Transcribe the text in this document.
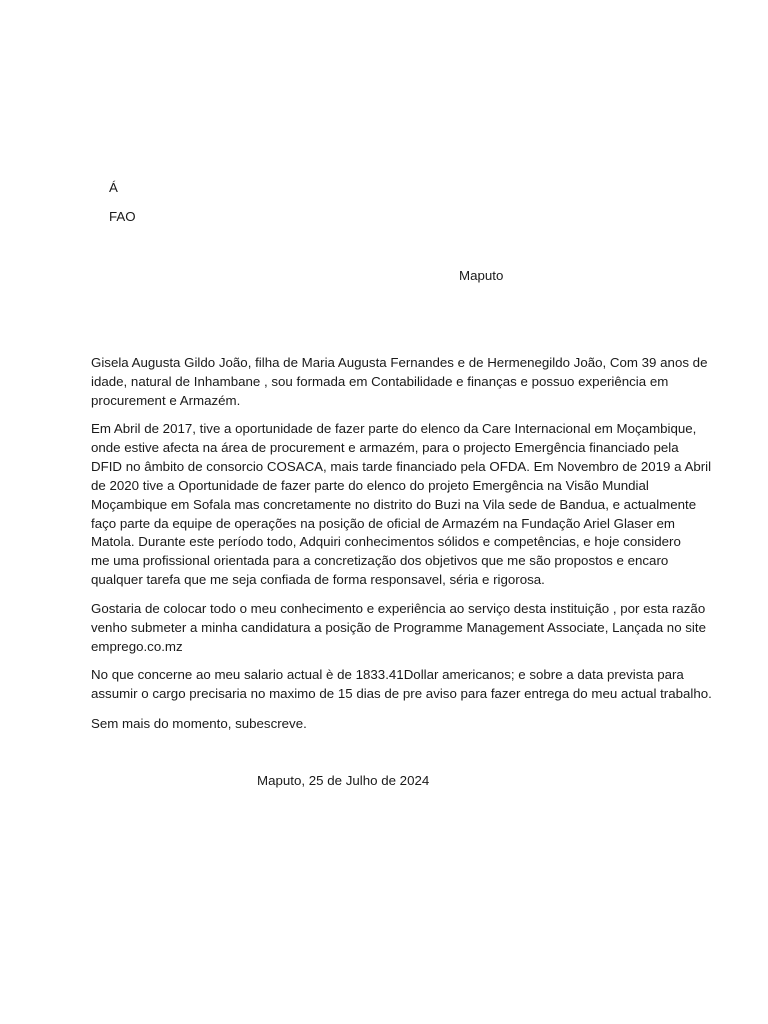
Á
FAO
Maputo

Gisela Augusta Gildo João, filha de Maria Augusta Fernandes e de Hermenegildo João, Com 39 anos de

idade, natural de Inhambane , sou formada em Contabilidade e finanças e possuo experiência em

procurement e Armazém.

Em Abril de 2017, tive a oportunidade de fazer parte do elenco da Care Internacional em Moçambique,

onde estive afecta na área de procurement e armazém, para o projecto Emergência financiado pela

DFID no âmbito de consorcio COSACA, mais tarde financiado pela OFDA. Em Novembro de 2019 a Abril

de 2020 tive a Oportunidade de fazer parte do elenco do projeto Emergência na Visão Mundial

Moçambique em Sofala mas concretamente no distrito do Buzi na Vila sede de Bandua, e actualmente

faço parte da equipe de operações na posição de oficial de Armazém na Fundação Ariel Glaser em

Matola. Durante este período todo, Adquiri conhecimentos sólidos e competências, e hoje considero

me uma profissional orientada para a concretização dos objetivos que me são propostos e encaro

qualquer tarefa que me seja confiada de forma responsavel, séria e rigorosa.

Gostaria de colocar todo o meu conhecimento e experiência ao serviço desta instituição , por esta razão

venho submeter a minha candidatura a posição de Programme Management Associate, Lançada no site

emprego.co.mz

No que concerne ao meu salario actual è de 1833.41Dollar americanos; e sobre a data prevista para

assumir o cargo precisaria no maximo de 15 dias de pre aviso para fazer entrega do meu actual trabalho.

Sem mais do momento, subescreve.
Maputo, 25 de Julho de 2024
